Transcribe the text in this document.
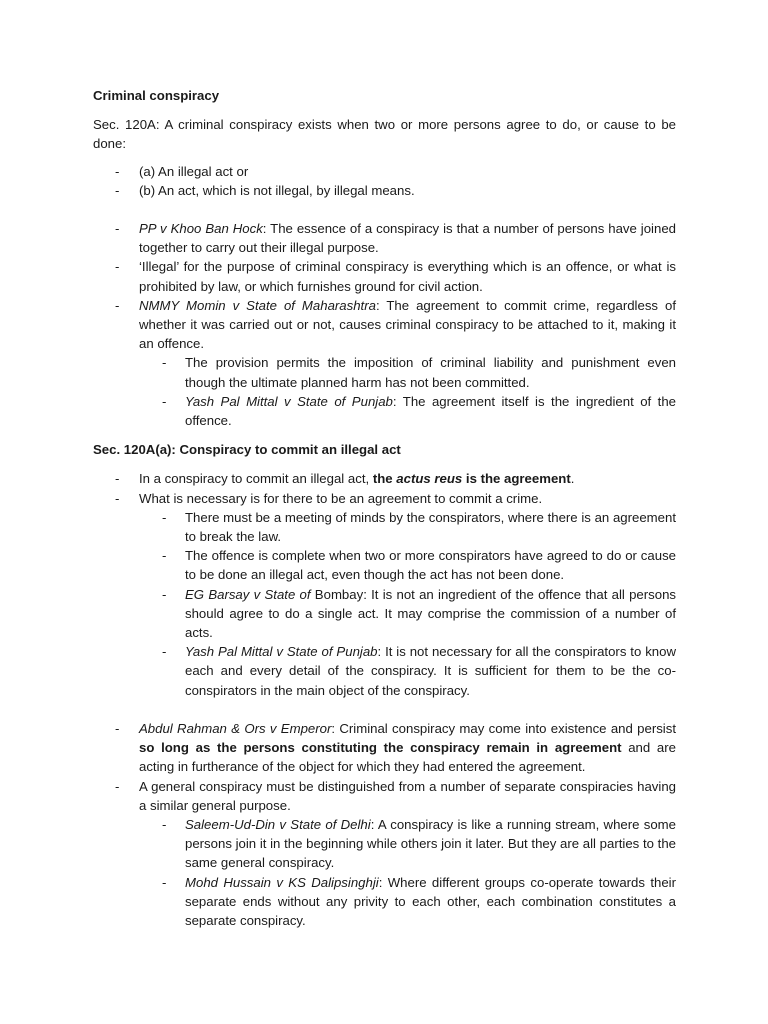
Criminal conspiracy

Sec. 120A: A criminal conspiracy exists when two or more persons agree to do, or cause to be done:

- (a) An illegal act or
- (b) An act, which is not illegal, by illegal means.
- PP v Khoo Ban Hock: The essence of a conspiracy is that a number of persons have joined together to carry out their illegal purpose.
- ‘Illegal’ for the purpose of criminal conspiracy is everything which is an offence, or what is prohibited by law, or which furnishes ground for civil action.
- NMMY Momin v State of Maharashtra: The agreement to commit crime, regardless of whether it was carried out or not, causes criminal conspiracy to be attached to it, making it an offence.
- The provision permits the imposition of criminal liability and punishment even though the ultimate planned harm has not been committed.
- Yash Pal Mittal v State of Punjab: The agreement itself is the ingredient of the offence.

Sec. 120A(a): Conspiracy to commit an illegal act

- In a conspiracy to commit an illegal act, the actus reus is the agreement.
- What is necessary is for there to be an agreement to commit a crime.
- There must be a meeting of minds by the conspirators, where there is an agreement to break the law.
- The offence is complete when two or more conspirators have agreed to do or cause to be done an illegal act, even though the act has not been done.
- EG Barsay v State of Bombay: It is not an ingredient of the offence that all persons should agree to do a single act. It may comprise the commission of a number of acts.
- Yash Pal Mittal v State of Punjab: It is not necessary for all the conspirators to know each and every detail of the conspiracy. It is sufficient for them to be the co-conspirators in the main object of the conspiracy.
- Abdul Rahman & Ors v Emperor: Criminal conspiracy may come into existence and persist so long as the persons constituting the conspiracy remain in agreement and are acting in furtherance of the object for which they had entered the agreement.
- A general conspiracy must be distinguished from a number of separate conspiracies having a similar general purpose.
- Saleem-Ud-Din v State of Delhi: A conspiracy is like a running stream, where some persons join it in the beginning while others join it later. But they are all parties to the same general conspiracy.
- Mohd Hussain v KS Dalipsinghji: Where different groups co-operate towards their separate ends without any privity to each other, each combination constitutes a separate conspiracy.
